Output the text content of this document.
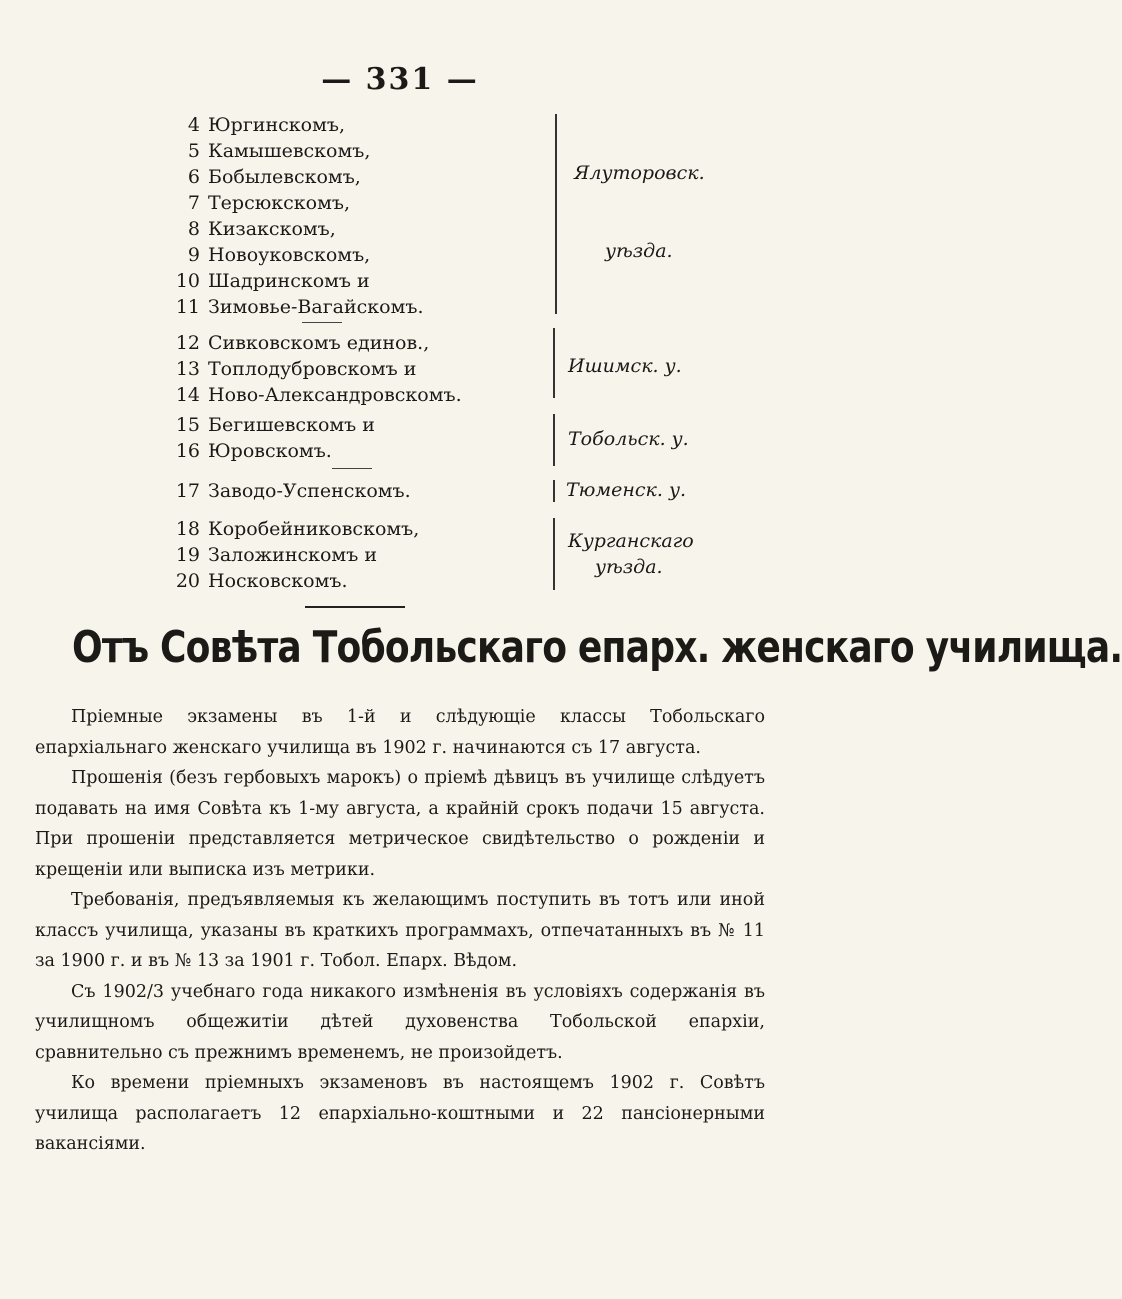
— 331 —
4 Юргинскомъ,
5 Камышевскомъ,
6 Бобылевскомъ,
7 Терсюкскомъ,
8 Кизакскомъ,
9 Новоуковскомъ,
10 Шадринскомъ и
11 Зимовье-Вагайскомъ.
12 Сивковскомъ единов.,
13 Топлодубровскомъ и
14 Ново-Александровскомъ.
15 Бегишевскомъ и
16 Юровскомъ.
17 Заводо-Успенскомъ.
18 Коробейниковскомъ,
19 Заложинскомъ и
20 Носковскомъ.
Ялуторовск.
уѣзда.
Ишимск. у.
Тобольск. у.
Тюменск. у.
Курганскаго
уѣзда.
Отъ Совѣта Тобольскаго епарх. женскаго училища.

Пріемные экзамены въ 1-й и слѣдующіе классы Тобольскаго епархіальнаго женскаго училища въ 1902 г. начинаются съ 17 августа.

Прошенія (безъ гербовыхъ марокъ) о пріемѣ дѣвицъ въ училище слѣдуетъ подавать на имя Совѣта къ 1-му августа, а крайній срокъ подачи 15 августа. При прошеніи представляется метрическое свидѣтельство о рожденіи и крещеніи или выписка изъ метрики.

Требованія, предъявляемыя къ желающимъ поступить въ тотъ или иной классъ училища, указаны въ краткихъ программахъ, отпечатанныхъ въ № 11 за 1900 г. и въ № 13 за 1901 г. Тобол. Епарх. Вѣдом.

Съ 1902/3 учебнаго года никакого измѣненія въ условіяхъ содержанія въ училищномъ общежитіи дѣтей духовенства Тобольской епархіи, сравнительно съ прежнимъ временемъ, не произойдетъ.

Ко времени пріемныхъ экзаменовъ въ настоящемъ 1902 г. Совѣтъ училища располагаетъ 12 епархіально-коштными и 22 пансіонерными вакансіями.
